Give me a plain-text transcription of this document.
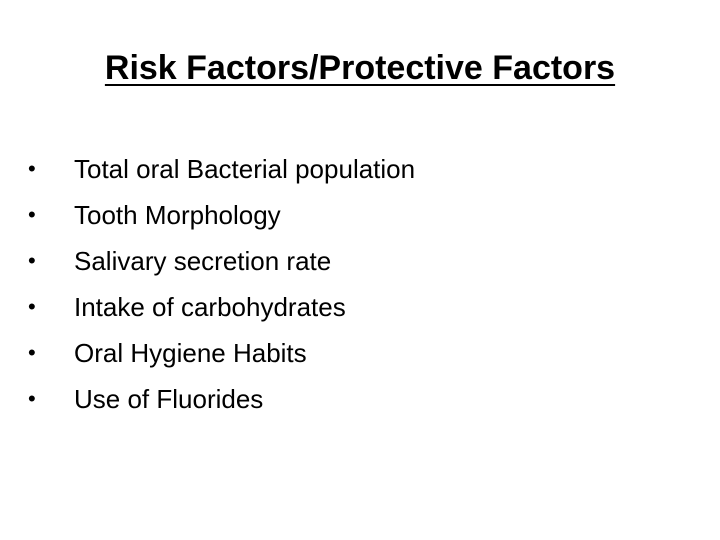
Risk Factors/Protective Factors
•	Total oral Bacterial population
•	Tooth Morphology
•	Salivary secretion rate
•	Intake of carbohydrates
•	Oral Hygiene Habits
•	Use of Fluorides
